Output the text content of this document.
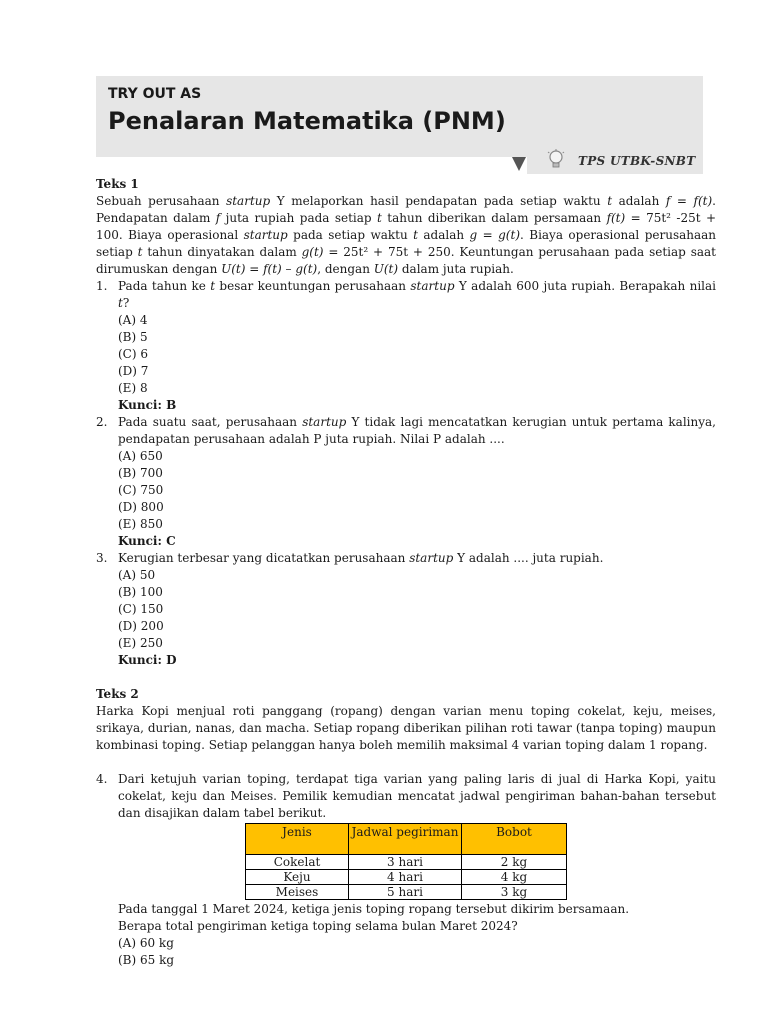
TRY OUT AS
Penalaran Matematika (PNM)
TPS UTBK-SNBT
Teks 1
Sebuah perusahaan startup Y melaporkan hasil pendapatan pada setiap waktu t adalah f = f(t). Pendapatan dalam f juta rupiah pada setiap t tahun diberikan dalam persamaan f(t) = 75t² -25t + 100. Biaya operasional startup pada setiap waktu t adalah g = g(t). Biaya operasional perusahaan setiap t tahun dinyatakan dalam g(t) = 25t² + 75t + 250. Keuntungan perusahaan pada setiap saat dirumuskan dengan U(t) = f(t) – g(t), dengan U(t) dalam juta rupiah.
1. Pada tahun ke t besar keuntungan perusahaan startup Y adalah 600 juta rupiah. Berapakah nilai t?
(A) 4
(B) 5
(C) 6
(D) 7
(E) 8
Kunci: B
2. Pada suatu saat, perusahaan startup Y tidak lagi mencatatkan kerugian untuk pertama kalinya, pendapatan perusahaan adalah P juta rupiah. Nilai P adalah ....
(A) 650
(B) 700
(C) 750
(D) 800
(E) 850
Kunci: C
3. Kerugian terbesar yang dicatatkan perusahaan startup Y adalah .... juta rupiah.
(A) 50
(B) 100
(C) 150
(D) 200
(E) 250
Kunci: D
Teks 2
Harka Kopi menjual roti panggang (ropang) dengan varian menu toping cokelat, keju, meises, srikaya, durian, nanas, dan macha. Setiap ropang diberikan pilihan roti tawar (tanpa toping) maupun kombinasi toping. Setiap pelanggan hanya boleh memilih maksimal 4 varian toping dalam 1 ropang.
4. Dari ketujuh varian toping, terdapat tiga varian yang paling laris di jual di Harka Kopi, yaitu cokelat, keju dan Meises. Pemilik kemudian mencatat jadwal pengiriman bahan-bahan tersebut dan disajikan dalam tabel berikut.
Jenis	Jadwal pegiriman	Bobot
Cokelat	3 hari	2 kg
Keju	4 hari	4 kg
Meises	5 hari	3 kg
Pada tanggal 1 Maret 2024, ketiga jenis toping ropang tersebut dikirim bersamaan.
Berapa total pengiriman ketiga toping selama bulan Maret 2024?
(A) 60 kg
(B) 65 kg
